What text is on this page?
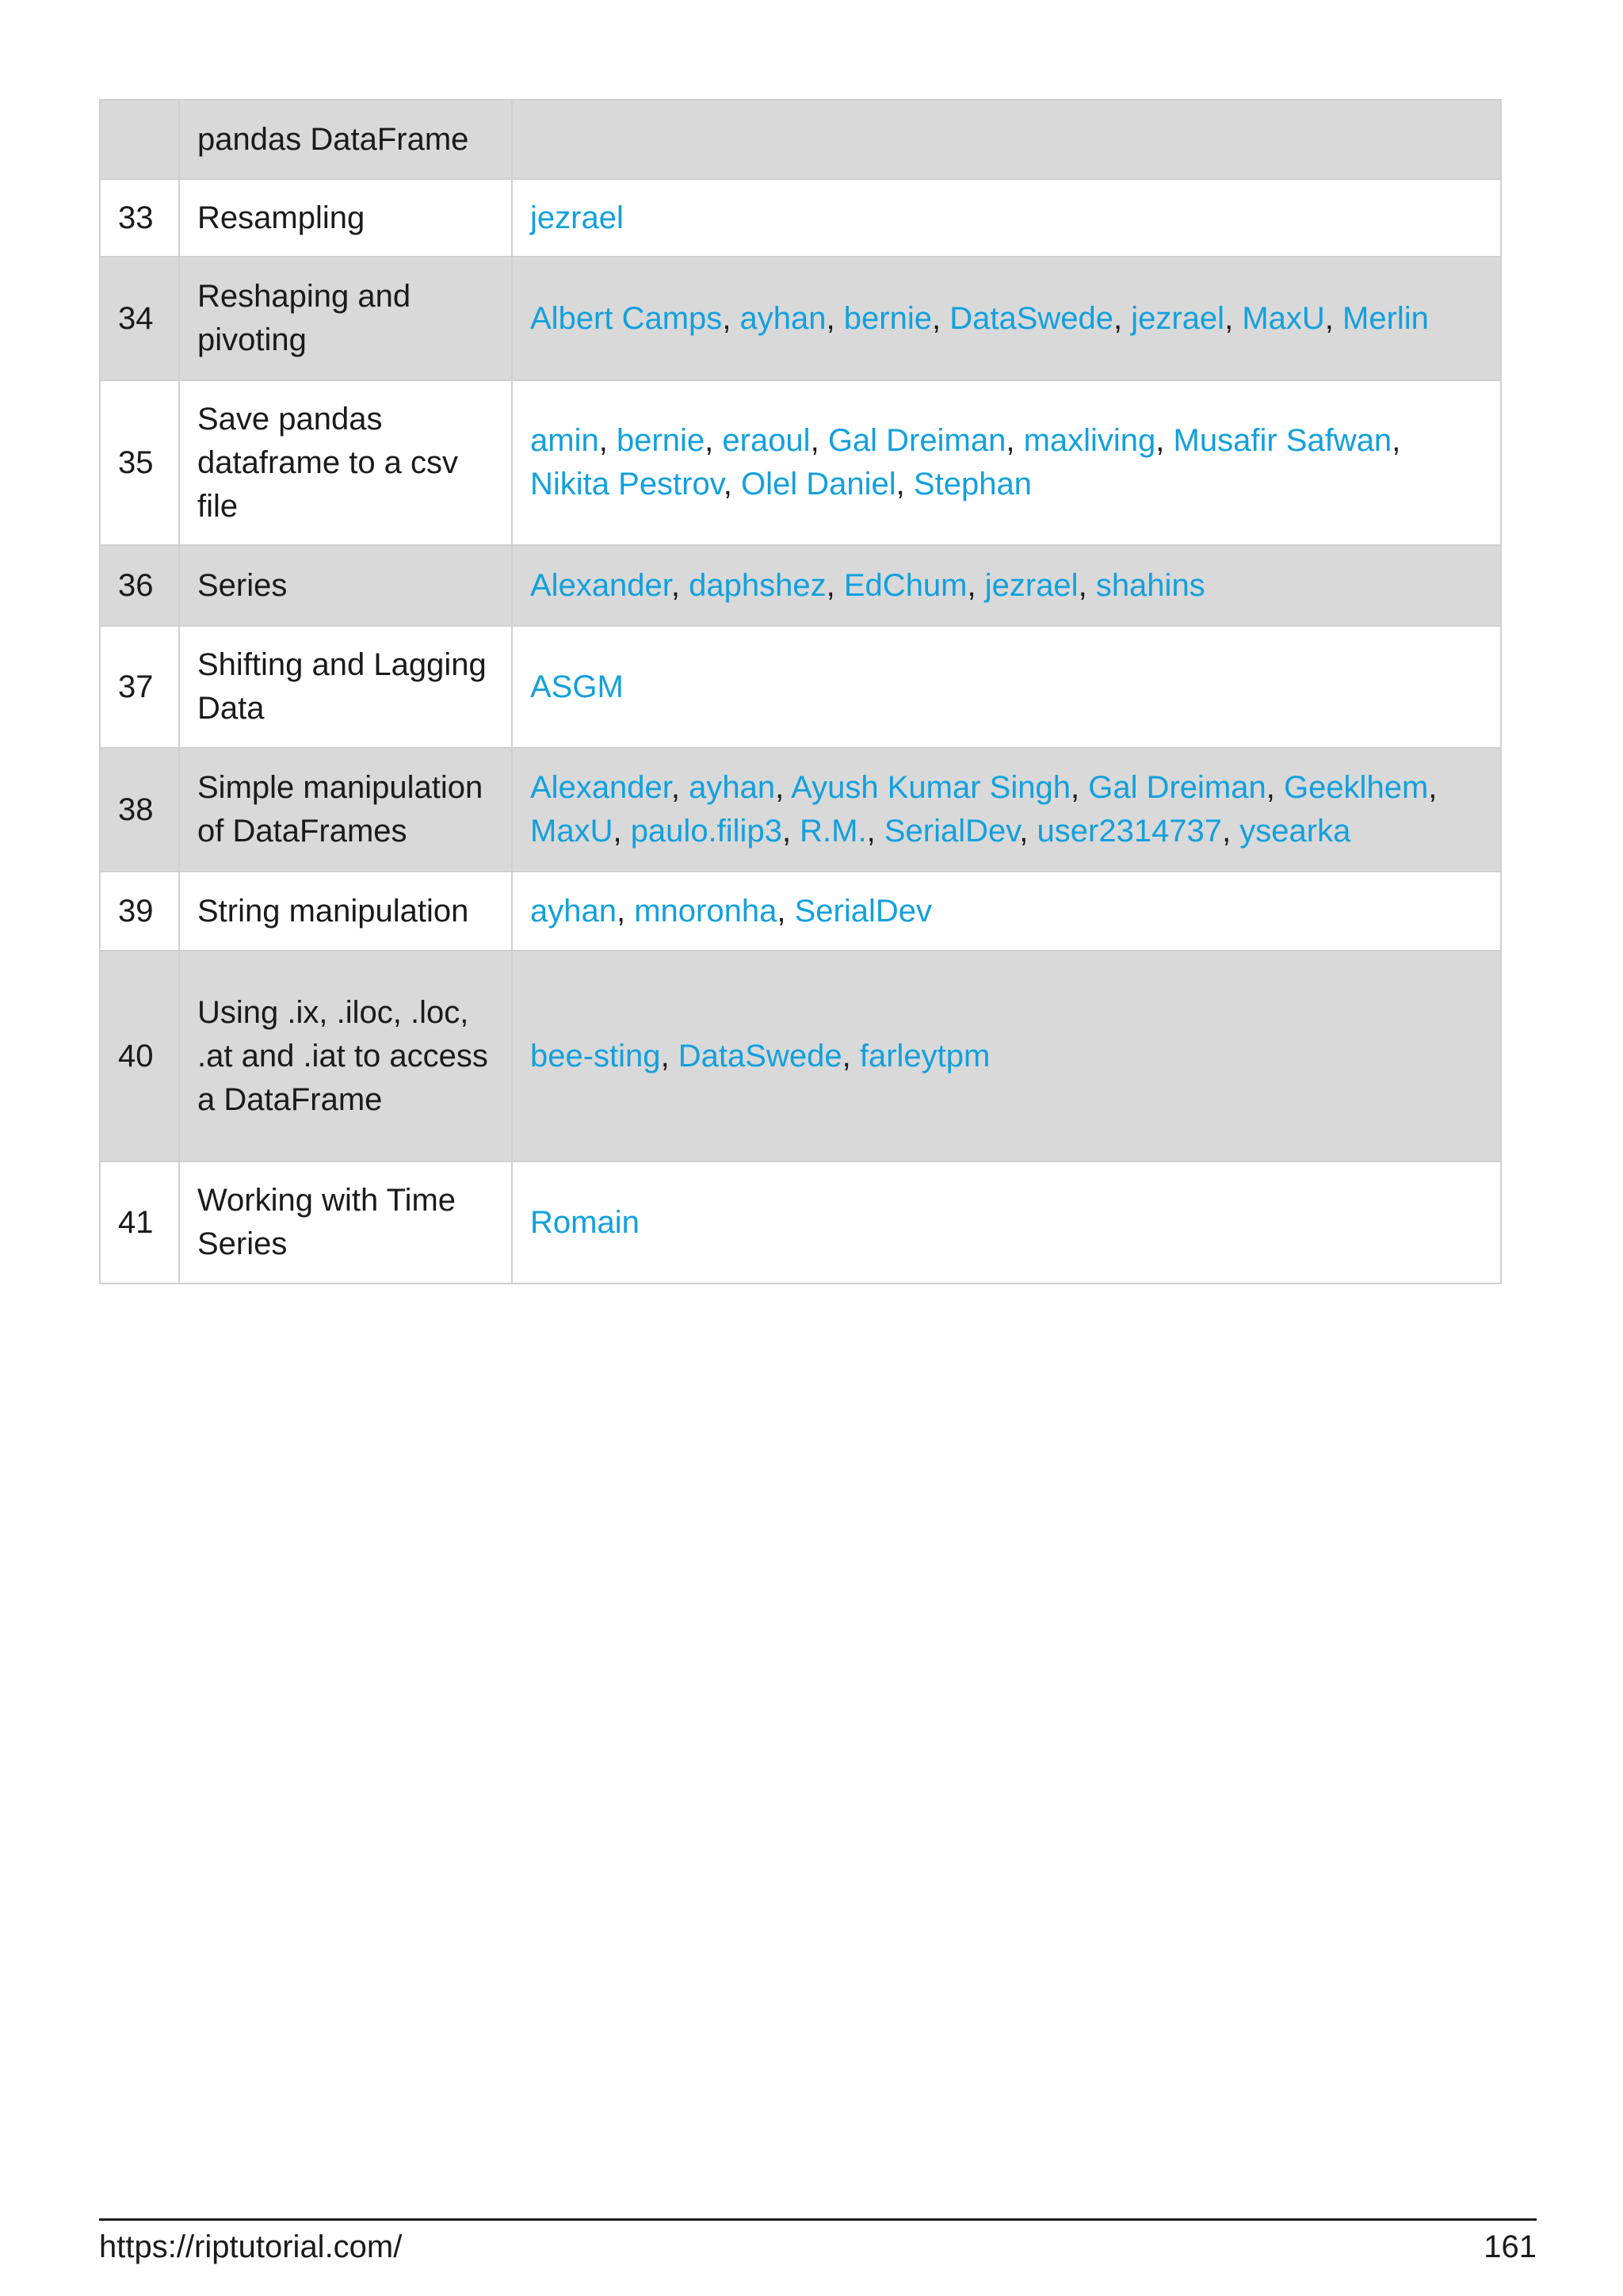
	pandas DataFrame	
33	Resampling	jezrael
34	Reshaping and pivoting	Albert Camps, ayhan, bernie, DataSwede, jezrael, MaxU, Merlin
35	Save pandas dataframe to a csv file	amin, bernie, eraoul, Gal Dreiman, maxliving, Musafir Safwan, Nikita Pestrov, Olel Daniel, Stephan
36	Series	Alexander, daphshez, EdChum, jezrael, shahins
37	Shifting and Lagging Data	ASGM
38	Simple manipulation of DataFrames	Alexander, ayhan, Ayush Kumar Singh, Gal Dreiman, Geeklhem, MaxU, paulo.filip3, R.M., SerialDev, user2314737, ysearka
39	String manipulation	ayhan, mnoronha, SerialDev
40	Using .ix, .iloc, .loc, .at and .iat to access a DataFrame	bee-sting, DataSwede, farleytpm
41	Working with Time Series	Romain
https://riptutorial.com/	161
